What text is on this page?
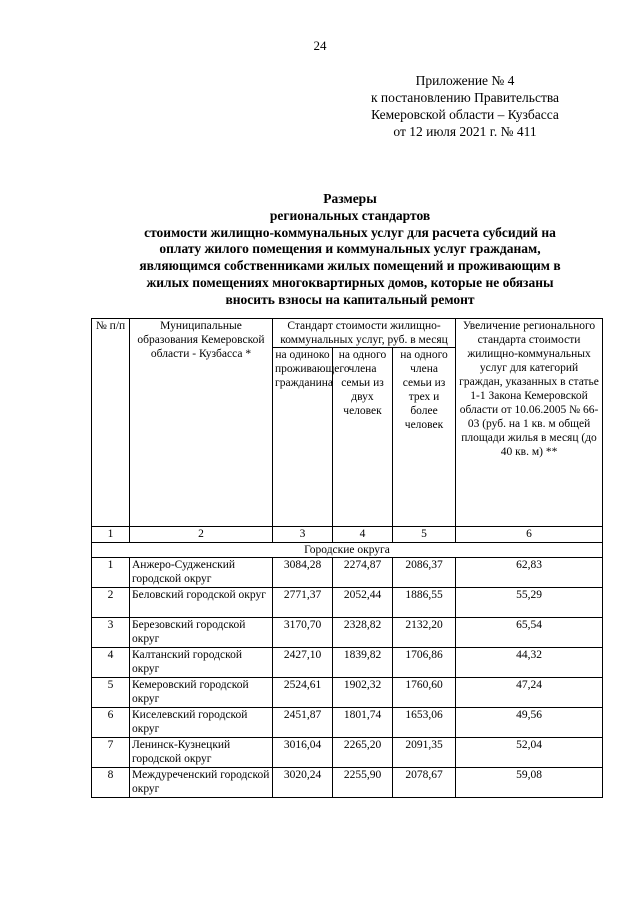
24
Приложение № 4
к постановлению Правительства
Кемеровской области – Кузбасса
от 12 июля 2021 г. № 411
Размеры
региональных стандартов
стоимости жилищно-коммунальных услуг для расчета субсидий на
оплату жилого помещения и коммунальных услуг гражданам,
являющимся собственниками жилых помещений и проживающим в
жилых помещениях многоквартирных домов, которые не обязаны
вносить взносы на капитальный ремонт
№ п/п	Муниципальные образования Кемеровской области - Кузбасса *	Стандарт стоимости жилищно-коммунальных услуг, руб. в месяц			Увеличение регионального стандарта стоимости жилищно-коммунальных услуг для категорий граждан, указанных в статье 1-1 Закона Кемеровской области от 10.06.2005 № 66-03 (руб. на 1 кв. м общей площади жилья в месяц (до 40 кв. м) **
		на одиноко проживающего гражданина	на одного члена семьи из двух человек	на одного члена семьи из трех и более человек	
1	2	3	4	5	6
Городские округа					
1	Анжеро-Судженский городской округ	3084,28	2274,87	2086,37	62,83
2	Беловский городской округ	2771,37	2052,44	1886,55	55,29
3	Березовский городской округ	3170,70	2328,82	2132,20	65,54
4	Калтанский городской округ	2427,10	1839,82	1706,86	44,32
5	Кемеровский городской округ	2524,61	1902,32	1760,60	47,24
6	Киселевский городской округ	2451,87	1801,74	1653,06	49,56
7	Ленинск-Кузнецкий городской округ	3016,04	2265,20	2091,35	52,04
8	Междуреченский городской округ	3020,24	2255,90	2078,67	59,08
